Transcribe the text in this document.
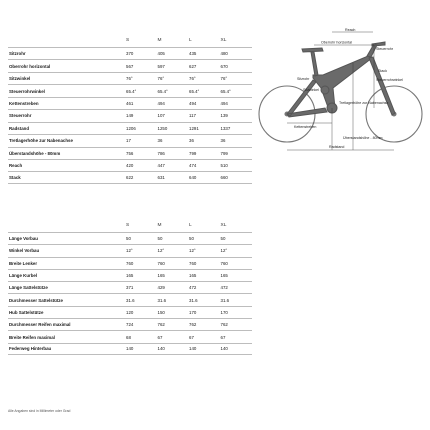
S	M	L	XL
Sitzrohr	370	405	435	480
Oberrohr horizontal	567	597	627	670
Sitzwinkel	76°	76°	76°	76°
Steuerrohrwinkel	65.4°	65.4°	65.4°	65.4°
Kettenstreben	461	494	494	494
Steuerrohr	149	107	117	139
Radstand	1206	1250	1291	1337
Tretlagerhöhe zur Nabenachse	17	36	36	36
Überstandshöhe - 80mm	756	786	799	799
Reach	420	447	474	510
Stack	622	631	640	660
S	M	L	XL
Länge Vorbau	50	50	50	50
Winkel Vorbau	12°	12°	12°	12°
Breite Lenker	760	760	760	760
Länge Kurbel	165	165	165	165
Länge Sattelstütze	371	429	472	472
Durchmesser Sattelstütze	31.6	31.6	31.6	31.6
Hub Sattelstütze	120	150	170	170
Durchmesser Reifen maximal	724	762	762	762
Breite Reifen maximal	68	67	67	67
Federweg Hinterbau	140	140	140	140
Alle Angaben sind in Millimeter oder Grad
Reach
Oberrohr horizontal
Steuerrohr
Stack
Steuerrohrwinkel
Sitzrohr
Sitzwinkel
Tretlagerhöhe zur Nabenachse
Kettenstreben
Überstandshöhe - 80mm
Radstand
